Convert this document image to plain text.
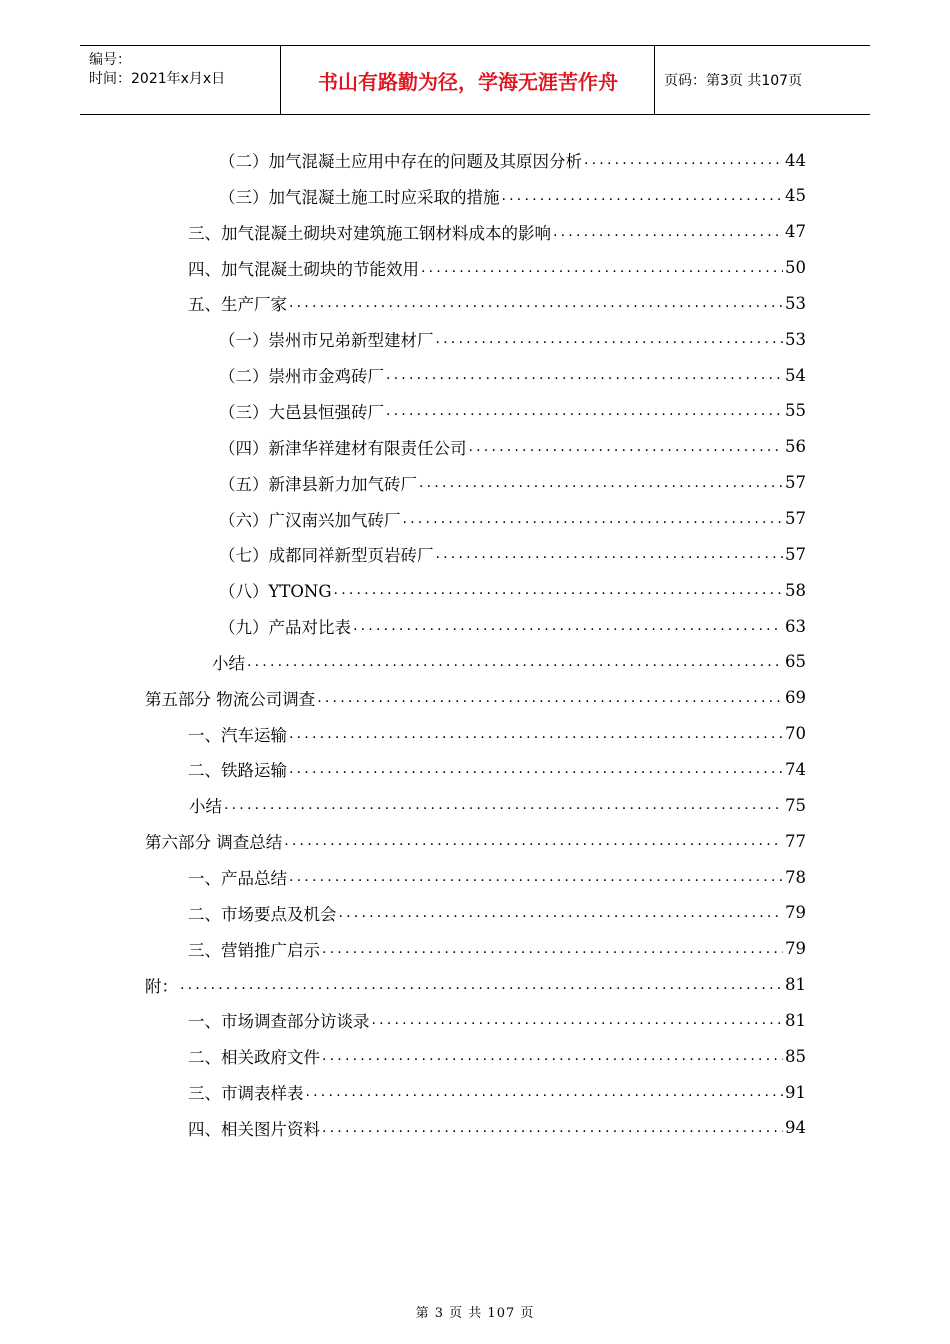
编号：
时间：2021年x月x日	书山有路勤为径，学海无涯苦作舟	页码：第3页 共107页
（二）加气混凝土应用中存在的问题及其原因分析 .....	44
（三）加气混凝土施工时应采取的措施 .....	45
三、加气混凝土砌块对建筑施工钢材料成本的影响 .....	47
四、加气混凝土砌块的节能效用 .....	50
五、生产厂家 .....	53
（一）崇州市兄弟新型建材厂 .....	53
（二）崇州市金鸡砖厂 .....	54
（三）大邑县恒强砖厂 .....	55
（四）新津华祥建材有限责任公司 .....	56
（五）新津县新力加气砖厂 .....	57
（六）广汉南兴加气砖厂 .....	57
（七）成都同祥新型页岩砖厂 .....	57
（八）YTONG .....	58
（九）产品对比表 .....	63
小结 .....	65
第五部分 物流公司调查 .....	69
一、汽车运输 .....	70
二、铁路运输 .....	74
小结 .....	75
第六部分 调查总结 .....	77
一、产品总结 .....	78
二、市场要点及机会 .....	79
三、营销推广启示 .....	79
附： .....	81
一、市场调查部分访谈录 .....	81
二、相关政府文件 .....	85
三、市调表样表 .....	91
四、相关图片资料 .....	94
第 3 页 共 107 页
